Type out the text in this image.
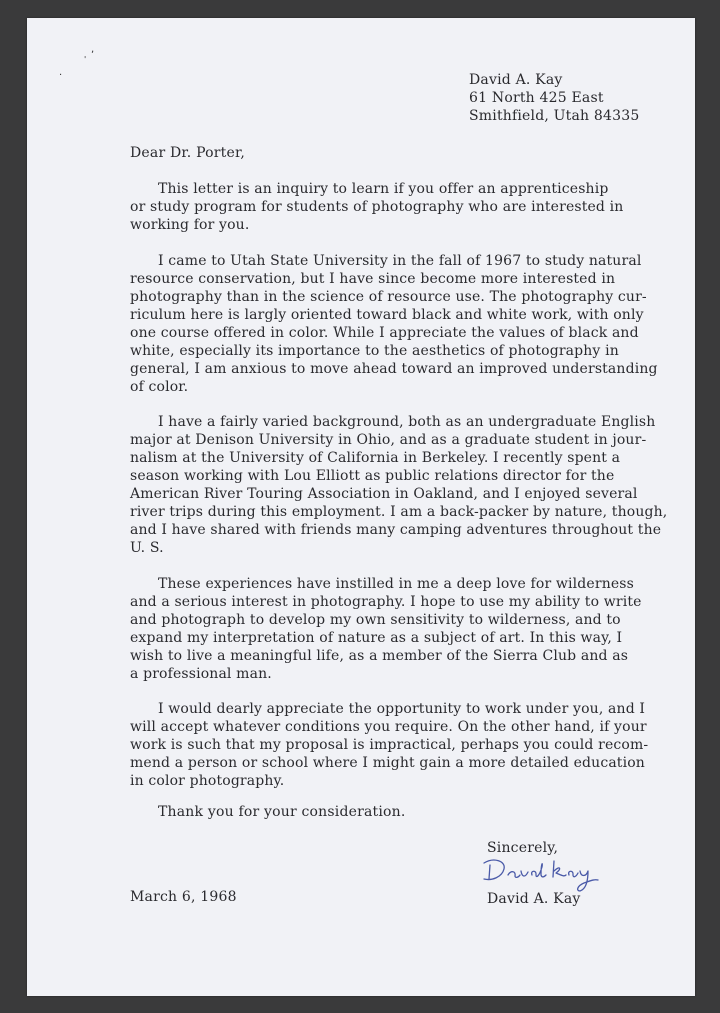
,
'
.	David A. Kay
61 North 425 East
Smithfield, Utah 84335
Dear Dr. Porter,
This letter is an inquiry to learn if you offer an apprenticeship
or study program for students of photography who are interested in
working for you.
I came to Utah State University in the fall of 1967 to study natural
resource conservation, but I have since become more interested in
photography than in the science of resource use. The photography cur-
riculum here is largly oriented toward black and white work, with only
one course offered in color. While I appreciate the values of black and
white, especially its importance to the aesthetics of photography in
general, I am anxious to move ahead toward an improved understanding
of color.
I have a fairly varied background, both as an undergraduate English
major at Denison University in Ohio, and as a graduate student in jour-
nalism at the University of California in Berkeley. I recently spent a
season working with Lou Elliott as public relations director for the
American River Touring Association in Oakland, and I enjoyed several
river trips during this employment. I am a back-packer by nature, though,
and I have shared with friends many camping adventures throughout the
U. S.
These experiences have instilled in me a deep love for wilderness
and a serious interest in photography. I hope to use my ability to write
and photograph to develop my own sensitivity to wilderness, and to
expand my interpretation of nature as a subject of art. In this way, I
wish to live a meaningful life, as a member of the Sierra Club and as
a professional man.
I would dearly appreciate the opportunity to work under you, and I
will accept whatever conditions you require. On the other hand, if your
work is such that my proposal is impractical, perhaps you could recom-
mend a person or school where I might gain a more detailed education
in color photography.
Thank you for your consideration.
Sincerely,
March 6, 1968	David A. Kay
